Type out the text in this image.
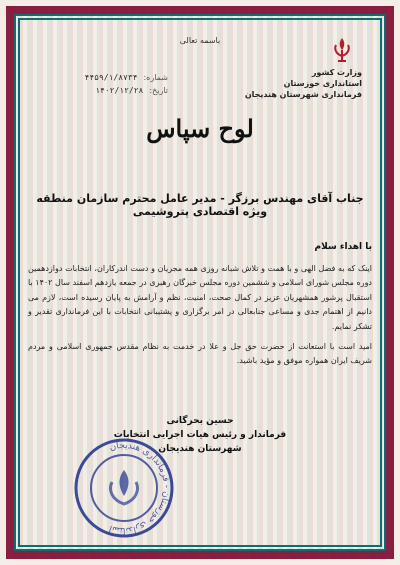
باسمه تعالی
وزارت کشور
استانداری خوزستان
فرمانداری شهرستان هندیجان
شماره:
۴۴۵۹/۱/۸۷۳۴
تاریخ:
۱۴۰۲/۱۲/۲۸
لوح سپاس
جناب آقای مهندس برزگر - مدیر عامل محترم سازمان منطقه ویژه اقتصادی پتروشیمی
با اهداء سلام

اینک که به فضل الهی و با همت و تلاش شبانه روزی همه مجریان و دست اندرکاران، انتخابات دوازدهمین دوره مجلس شورای اسلامی و ششمین دوره مجلس خبرگان رهبری در جمعه یازدهم اسفند سال ۱۴۰۲ با استقبال پرشور همشهریان عزیز در کمال صحت، امنیت، نظم و آرامش به پایان رسیده است، لازم می دانیم از اهتمام جدی و مساعی جنابعالی در امر برگزاری و پشتیبانی انتخابات با این فرمانداری تقدیر و تشکر نمایم.

امید است با استعانت از حضرت حق جل و علا در خدمت به نظام مقدس جمهوری اسلامی و مردم شریف ایران همواره موفق و مؤید باشید.

حسین بحرگانی
فرماندار و رئیس هیات اجرایی انتخابات
شهرستان هندیجان
استانداری خوزستان - فرمانداری هندیجان
